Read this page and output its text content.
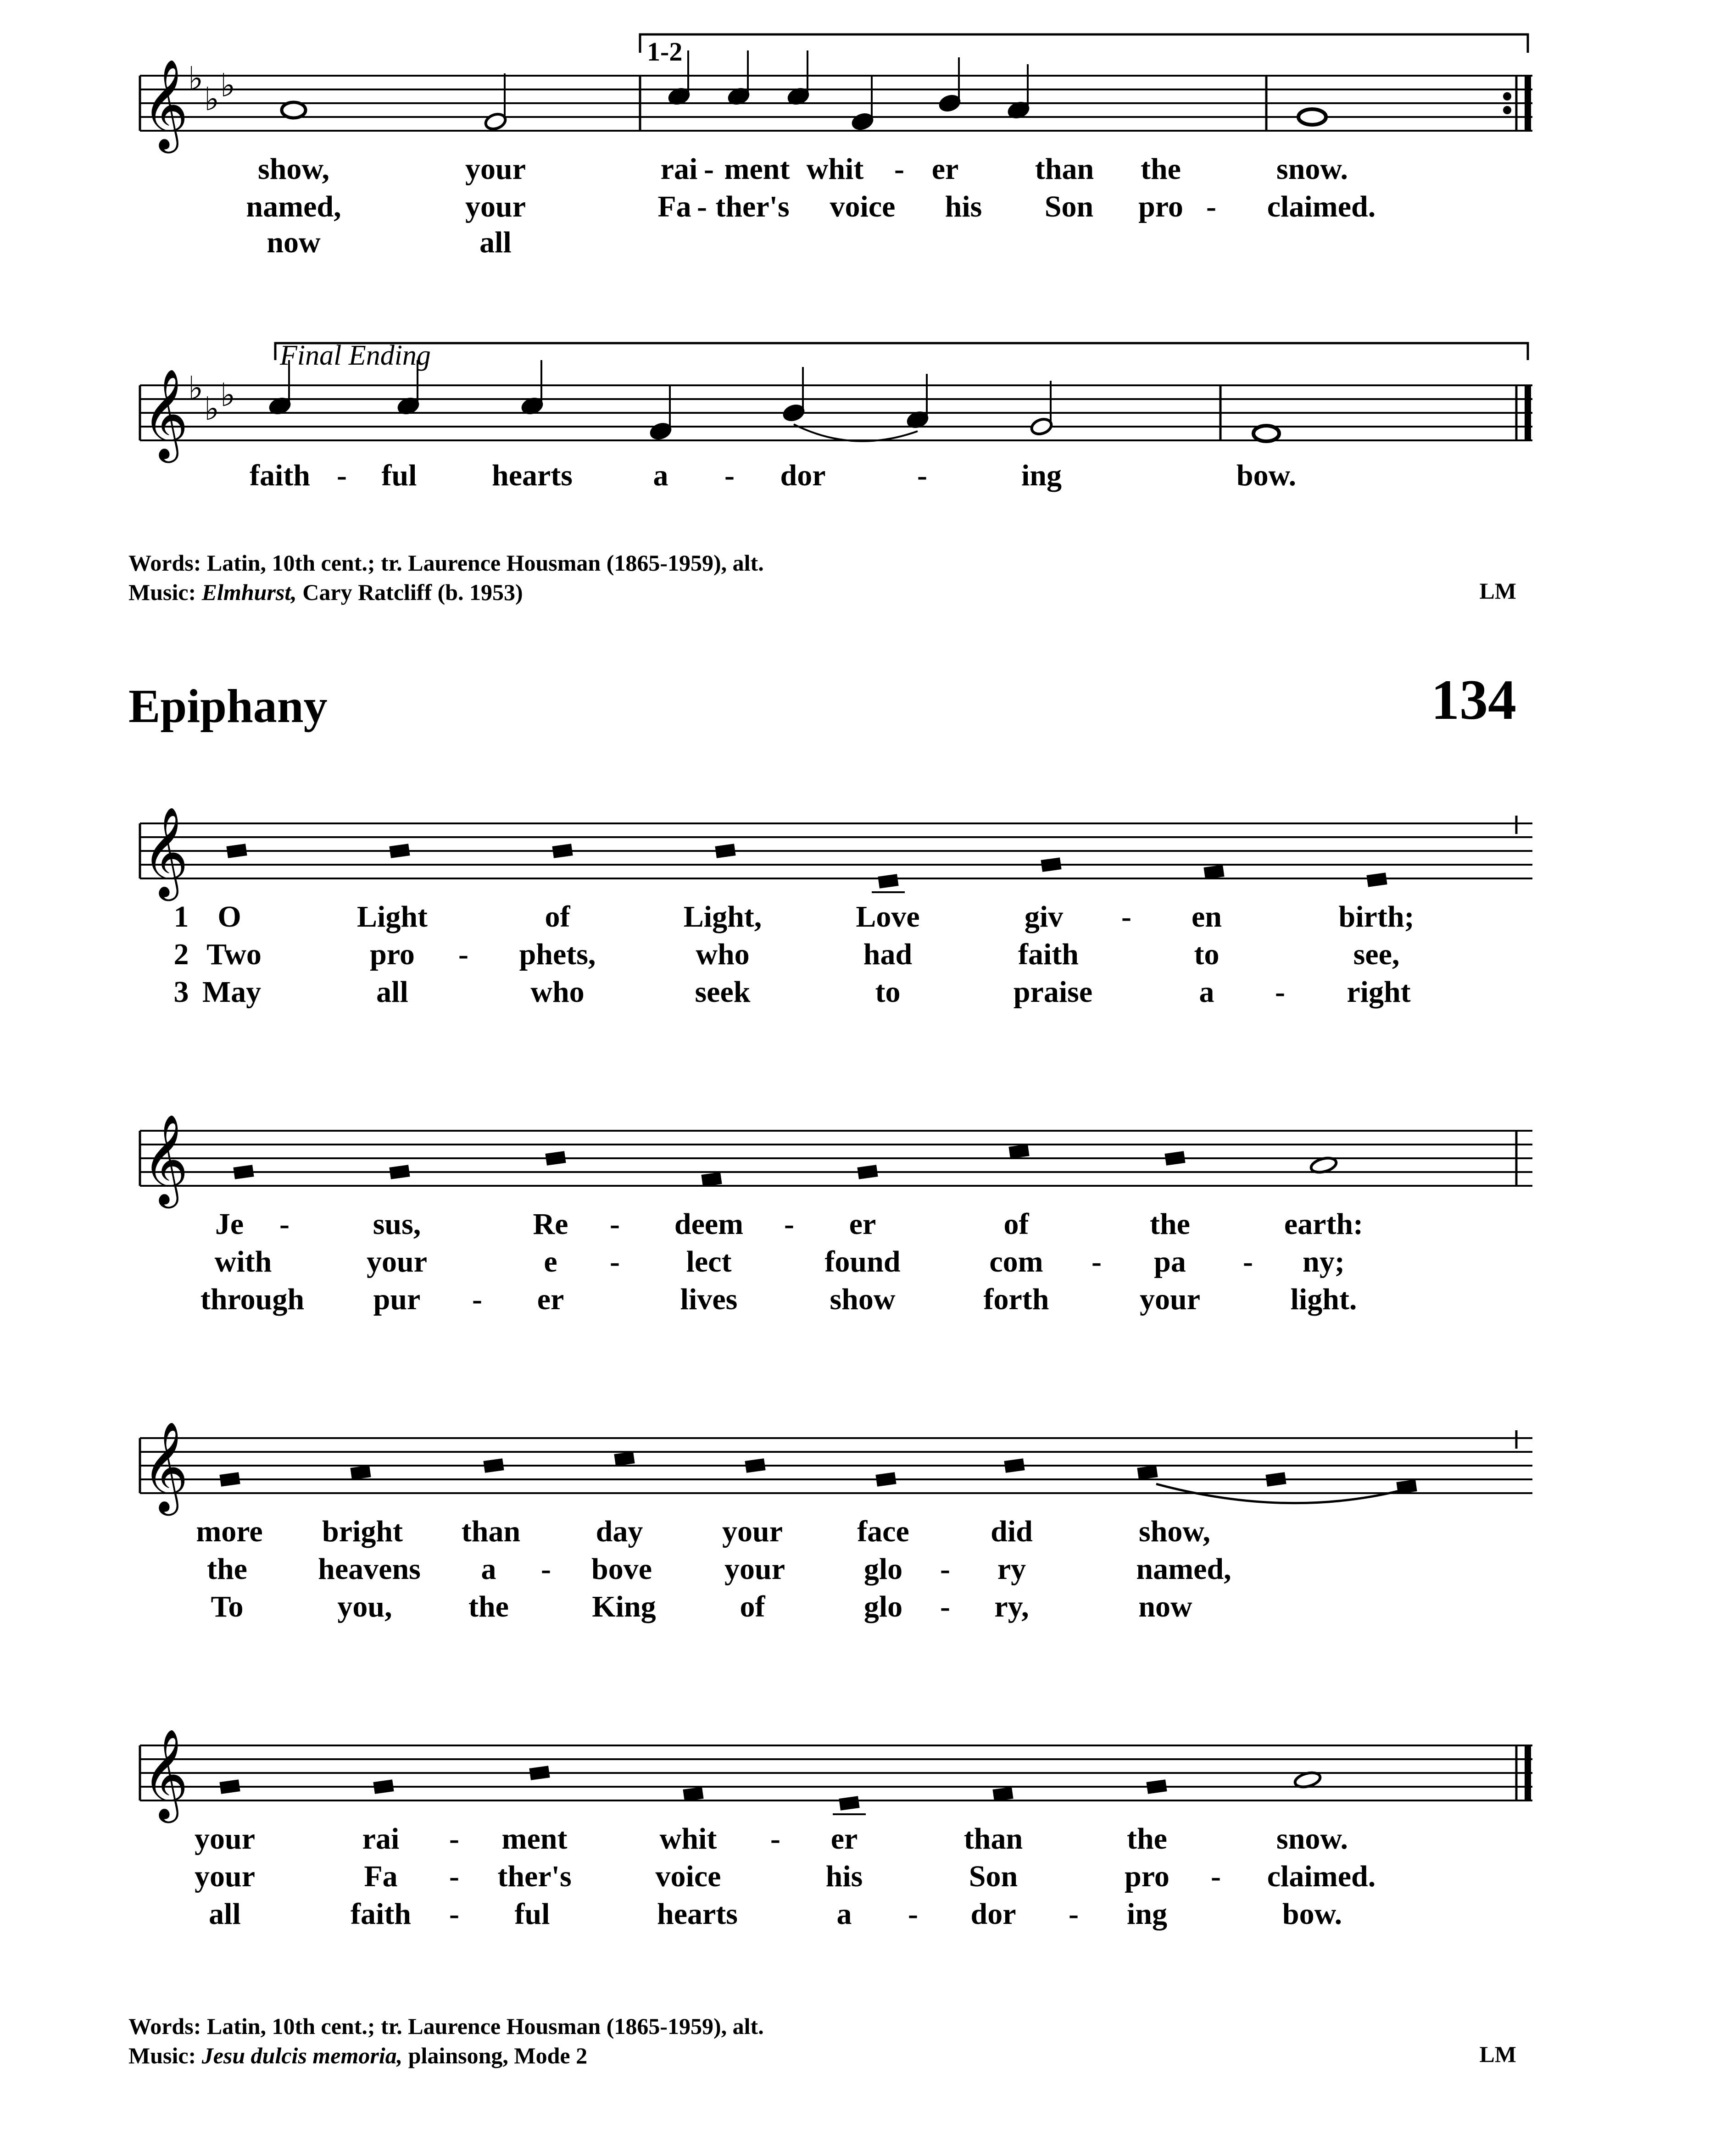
𝄞 ♭
♭ ♭
1-2
show,	your	rai - ment whit - er	than the	snow.
named,	your	Fa - ther's voice his Son pro - claimed.
now	all
𝄞 ♭
♭ ♭
Final Ending
faith - ful hearts	a - dor	-	ing	bow.
Words: Latin, 10th cent.; tr. Laurence Housman (1865-1959), alt.
Music: Elmhurst, Cary Ratcliff (b. 1953)	LM
Epiphany	134
𝄞
1 O	Light	of	Light,	Love	giv - en	birth;
2 Two	pro - phets,	who	had	faith	to	see,
3 May	all	who	seek	to	praise	a - right
𝄞
Je -	sus,	Re - deem - er	of	the	earth:
with	your	e - lect	found	com - pa - ny;
through pur - er	lives	show	forth	your	light.
𝄞
more bright than day	your face	did	show,
the heavens a - bove your	glo - ry	named,
To	you,	the	King	of	glo - ry,	now
𝄞
your	rai - ment	whit - er	than	the	snow.
your	Fa - ther's	voice	his	Son	pro - claimed.
all	faith - ful	hearts	a - dor - ing	bow.
Words: Latin, 10th cent.; tr. Laurence Housman (1865-1959), alt.
Music: Jesu dulcis memoria, plainsong, Mode 2	LM
